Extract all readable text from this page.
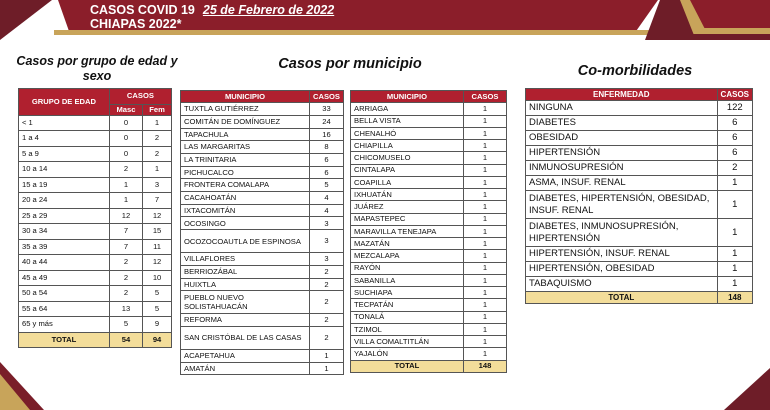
CASOS COVID 19 25 de Febrero de 2022
CHIAPAS 2022*
Casos por grupo de edad y sexo
Casos por municipio	Co-morbilidades
GRUPO DE EDAD	CASOS	
	Masc	Fem
< 1	0	1
1 a 4	0	2
5 a 9	0	2
10 a 14	2	1
15 a 19	1	3
20 a 24	1	7
25 a 29	12	12
30 a 34	7	15
35 a 39	7	11
40 a 44	2	12
45 a 49	2	10
50 a 54	2	5
55 a 64	13	5
65 y más	5	9
TOTAL	54	94
MUNICIPIO	CASOS
TUXTLA GUTIÉRREZ	33
COMITÁN DE DOMÍNGUEZ	24
TAPACHULA	16
LAS MARGARITAS	8
LA TRINITARIA	6
PICHUCALCO	6
FRONTERA COMALAPA	5
CACAHOATÁN	4
IXTACOMITÁN	4
OCOSINGO	3
OCOZOCOAUTLA DE ESPINOSA	3
VILLAFLORES	3
BERRIOZÁBAL	2
HUIXTLA	2
PUEBLO NUEVO SOLISTAHUACÁN	2
REFORMA	2
SAN CRISTÓBAL DE LAS CASAS	2
ACAPETAHUA	1
AMATÁN	1
MUNICIPIO	CASOS
ARRIAGA	1
BELLA VISTA	1
CHENALHÓ	1
CHIAPILLA	1
CHICOMUSELO	1
CINTALAPA	1
COAPILLA	1
IXHUATÁN	1
JUÁREZ	1
MAPASTEPEC	1
MARAVILLA TENEJAPA	1
MAZATÁN	1
MEZCALAPA	1
RAYÓN	1
SABANILLA	1
SUCHIAPA	1
TECPATÁN	1
TONALÁ	1
TZIMOL	1
VILLA COMALTITLÁN	1
YAJALÓN	1
TOTAL	148
ENFERMEDAD	CASOS
NINGUNA	122
DIABETES	6
OBESIDAD	6
HIPERTENSIÓN	6
INMUNOSUPRESIÓN	2
ASMA, INSUF. RENAL	1
DIABETES, HIPERTENSIÓN, OBESIDAD, INSUF. RENAL	1
DIABETES, INMUNOSUPRESIÓN, HIPERTENSIÓN	1
HIPERTENSIÓN, INSUF. RENAL	1
HIPERTENSIÓN, OBESIDAD	1
TABAQUISMO	1
TOTAL	148
